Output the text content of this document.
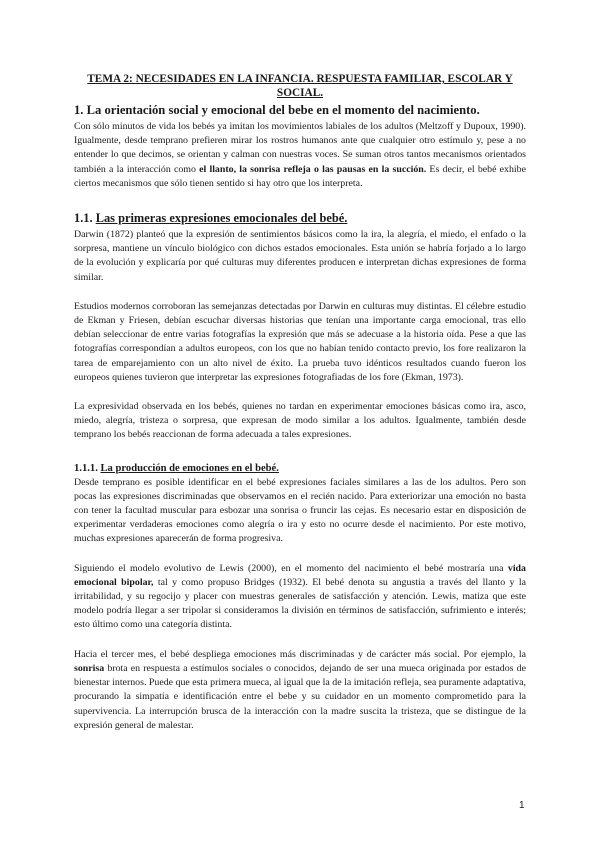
TEMA 2: NECESIDADES EN LA INFANCIA. RESPUESTA FAMILIAR, ESCOLAR Y SOCIAL.
1. La orientación social y emocional del bebe en el momento del nacimiento.

Con sólo minutos de vida los bebés ya imitan los movimientos labiales de los adultos (Meltzoff y Dupoux, 1990). Igualmente, desde temprano prefieren mirar los rostros humanos ante que cualquier otro estímulo y, pese a no entender lo que decimos, se orientan y calman con nuestras voces. Se suman otros tantos mecanismos orientados también a la interacción como el llanto, la sonrisa refleja o las pausas en la succión. Es decir, el bebé exhibe ciertos mecanismos que sólo tienen sentido si hay otro que los interpreta.

1.1. Las primeras expresiones emocionales del bebé.

Darwin (1872) planteó que la expresión de sentimientos básicos como la ira, la alegría, el miedo, el enfado o la sorpresa, mantiene un vínculo biológico con dichos estados emocionales. Esta unión se habría forjado a lo largo de la evolución y explicaría por qué culturas muy diferentes producen e interpretan dichas expresiones de forma similar.

Estudios modernos corroboran las semejanzas detectadas por Darwin en culturas muy distintas. El célebre estudio de Ekman y Friesen, debían escuchar diversas historias que tenían una importante carga emocional, tras ello debían seleccionar de entre varias fotografías la expresión que más se adecuase a la historia oída. Pese a que las fotografías correspondían a adultos europeos, con los que no habían tenido contacto previo, los fore realizaron la tarea de emparejamiento con un alto nivel de éxito. La prueba tuvo idénticos resultados cuando fueron los europeos quienes tuvieron que interpretar las expresiones fotografiadas de los fore (Ekman, 1973).

La expresividad observada en los bebés, quienes no tardan en experimentar emociones básicas como ira, asco, miedo, alegría, tristeza o sorpresa, que expresan de modo similar a los adultos. Igualmente, también desde temprano los bebés reaccionan de forma adecuada a tales expresiones.

1.1.1. La producción de emociones en el bebé.

Desde temprano es posible identificar en el bebé expresiones faciales similares a las de los adultos. Pero son pocas las expresiones discriminadas que observamos en el recién nacido. Para exteriorizar una emoción no basta con tener la facultad muscular para esbozar una sonrisa o fruncir las cejas. Es necesario estar en disposición de experimentar verdaderas emociones como alegría o ira y esto no ocurre desde el nacimiento. Por este motivo, muchas expresiones aparecerán de forma progresiva.

Siguiendo el modelo evolutivo de Lewis (2000), en el momento del nacimiento el bebé mostraría una vida emocional bipolar, tal y como propuso Bridges (1932). El bebé denota su angustia a través del llanto y la irritabilidad, y su regocijo y placer con muestras generales de satisfacción y atención. Lewis, matiza que este modelo podría llegar a ser tripolar si consideramos la división en términos de satisfacción, sufrimiento e interés; esto último como una categoría distinta.

Hacia el tercer mes, el bebé despliega emociones más discriminadas y de carácter más social. Por ejemplo, la sonrisa brota en respuesta a estímulos sociales o conocidos, dejando de ser una mueca originada por estados de bienestar internos. Puede que esta primera mueca, al igual que la de la imitación refleja, sea puramente adaptativa, procurando la simpatía e identificación entre el bebe y su cuidador en un momento comprometido para la supervivencia. La interrupción brusca de la interacción con la madre suscita la tristeza, que se distingue de la expresión general de malestar.

1
